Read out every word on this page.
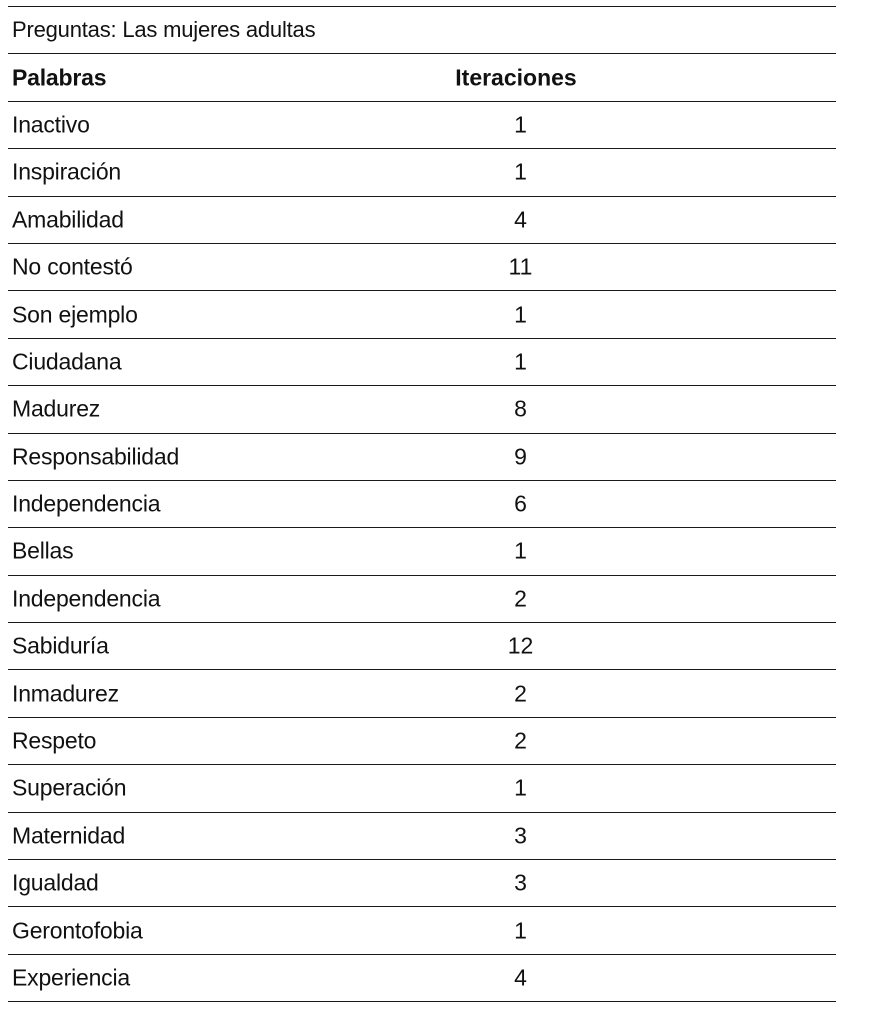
Preguntas: Las mujeres adultas
Palabras	Iteraciones
Inactivo	1
Inspiración	1
Amabilidad	4
No contestó	11
Son ejemplo	1
Ciudadana	1
Madurez	8
Responsabilidad	9
Independencia	6
Bellas	1
Independencia	2
Sabiduría	12
Inmadurez	2
Respeto	2
Superación	1
Maternidad	3
Igualdad	3
Gerontofobia	1
Experiencia	4
